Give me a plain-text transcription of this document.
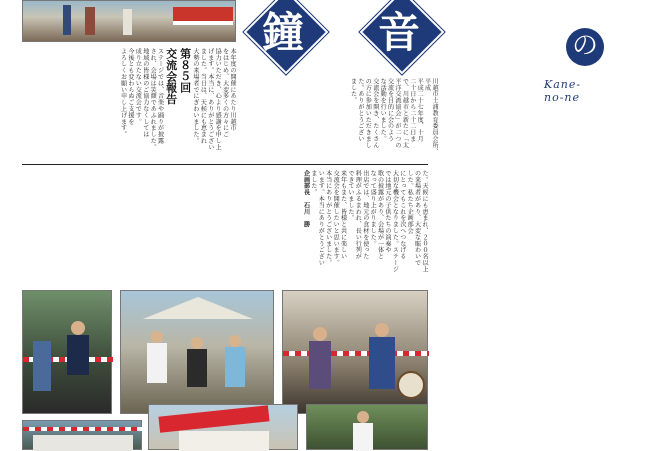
鐘 の 音
Kane-no-ne
鐘 音
川越市土浦教育委員会所、平成
平成二十七年度、十月
二十日から二十二日ま
で、川越市と新たに「太
平洋交流協会」が二つの
交流を目的に会のよう
な活動を行いました。
交流会を開き、たくさん
の方に参加いただきまし
た。ありがとうござい
ました。
本年度の開催にあたり川越市
をはじめ、大変多くの方々にご
協力いただき、心より感謝を申し上
げます。本当に、ありがとうござい
ました。当日は、天候にも恵まれ
大勢の来場者でにぎわいました。
第８５回
交流会報告
ステージでは、音楽や踊りが披露
され、会場は笑顔であふれました。
地域の皆様のご協力なくしては
成り立たない交流会です。
今後とも変わらぬご支援を
よろしくお願い申し上げます。
た。天候にも恵まれ、２００名以上
の来場者があり、大変な賑わいで
した。私たち企画部会
にとってもこれを次へつなげる
大切な機会となりました。ステージ
では地元の子供たちの演奏や
歌の披露があり、会場が一体と
なって盛り上がりました。
出店では、地元の食材を使った
料理がふるまわれ、長い行列が
できていました。
来年もまた、皆様と共に楽しい
交流会を開催したいと思います。
本当にありがとうございました。
います。本当にありがとうござい
ました。
企画部長　石川　勝
